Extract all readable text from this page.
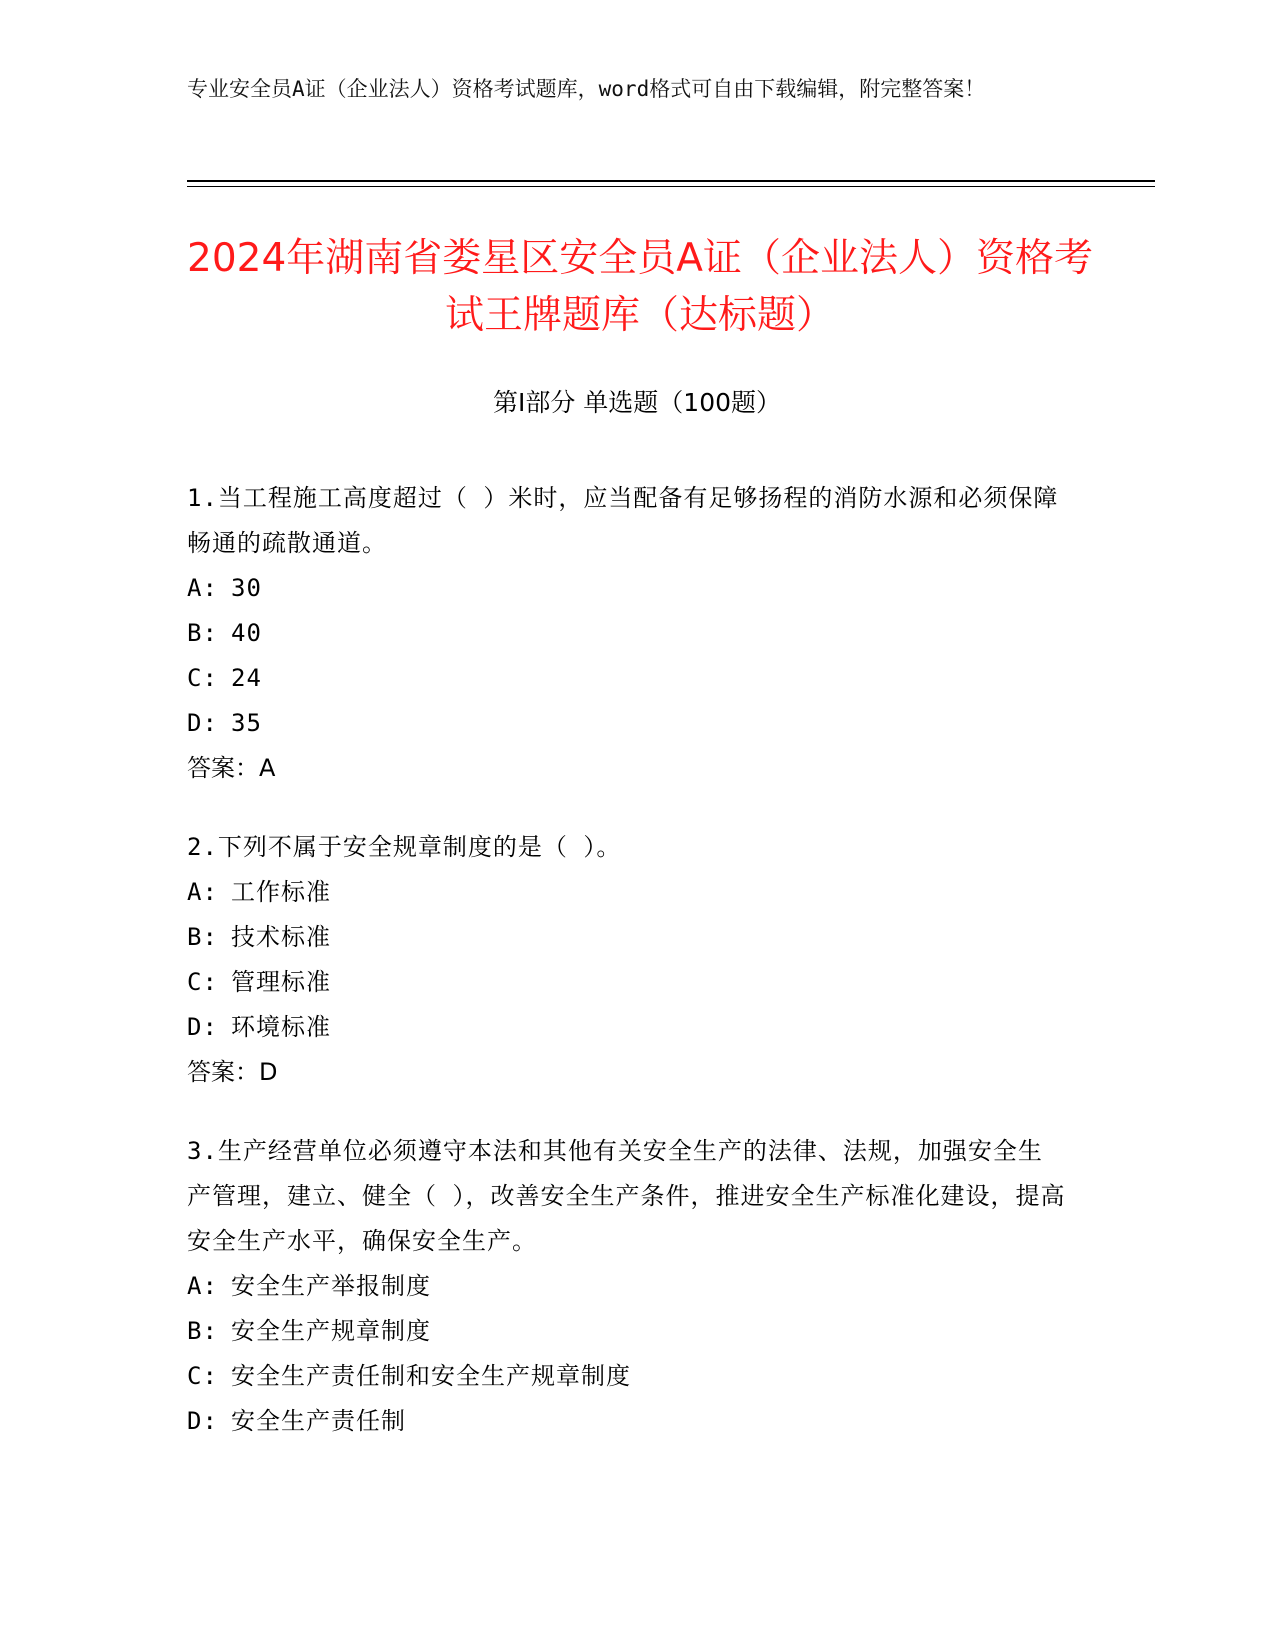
专业安全员A证（企业法人）资格考试题库，word格式可自由下载编辑，附完整答案！
2024年湖南省娄星区安全员A证（企业法人）资格考试王牌题库（达标题）
第Ⅰ部分 单选题（100题）
1.当工程施工高度超过（ ）米时，应当配备有足够扬程的消防水源和必须保障畅通的疏散通道。
A: 30
B: 40
C: 24
D: 35
答案：A
2.下列不属于安全规章制度的是（ ）。
A: 工作标准
B: 技术标准
C: 管理标准
D: 环境标准
答案：D
3.生产经营单位必须遵守本法和其他有关安全生产的法律、法规，加强安全生产管理，建立、健全（ ），改善安全生产条件，推进安全生产标准化建设，提高安全生产水平，确保安全生产。
A: 安全生产举报制度
B: 安全生产规章制度
C: 安全生产责任制和安全生产规章制度
D: 安全生产责任制
